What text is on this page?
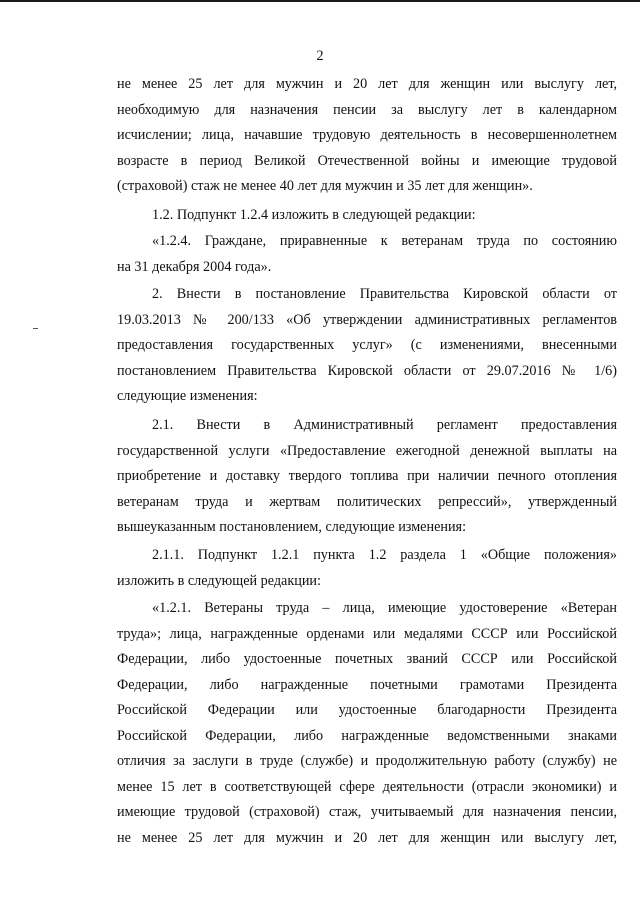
2
не менее 25 лет для мужчин и 20 лет для женщин или выслугу лет,
необходимую для назначения пенсии за выслугу лет в календарном
исчислении; лица, начавшие трудовую деятельность в несовершеннолетнем
возрасте в период Великой Отечественной войны и имеющие трудовой
(страховой) стаж не менее 40 лет для мужчин и 35 лет для женщин».
1.2. Подпункт 1.2.4 изложить в следующей редакции:
«1.2.4. Граждане, приравненные к ветеранам труда по состоянию
на 31 декабря 2004 года».
2. Внести в постановление Правительства Кировской области от
19.03.2013 № 200/133 «Об утверждении административных регламентов
предоставления государственных услуг» (с изменениями, внесенными
постановлением Правительства Кировской области от 29.07.2016 № 1/6)
следующие изменения:
2.1. Внести в Административный регламент предоставления
государственной услуги «Предоставление ежегодной денежной выплаты на
приобретение и доставку твердого топлива при наличии печного отопления
ветеранам труда и жертвам политических репрессий», утвержденный
вышеуказанным постановлением, следующие изменения:
2.1.1. Подпункт 1.2.1 пункта 1.2 раздела 1 «Общие положения»
изложить в следующей редакции:
«1.2.1. Ветераны труда – лица, имеющие удостоверение «Ветеран
труда»; лица, награжденные орденами или медалями СССР или Российской
Федерации, либо удостоенные почетных званий СССР или Российской
Федерации, либо награжденные почетными грамотами Президента
Российской Федерации или удостоенные благодарности Президента
Российской Федерации, либо награжденные ведомственными знаками
отличия за заслуги в труде (службе) и продолжительную работу (службу) не
менее 15 лет в соответствующей сфере деятельности (отрасли экономики) и
имеющие трудовой (страховой) стаж, учитываемый для назначения пенсии,
не менее 25 лет для мужчин и 20 лет для женщин или выслугу лет,
